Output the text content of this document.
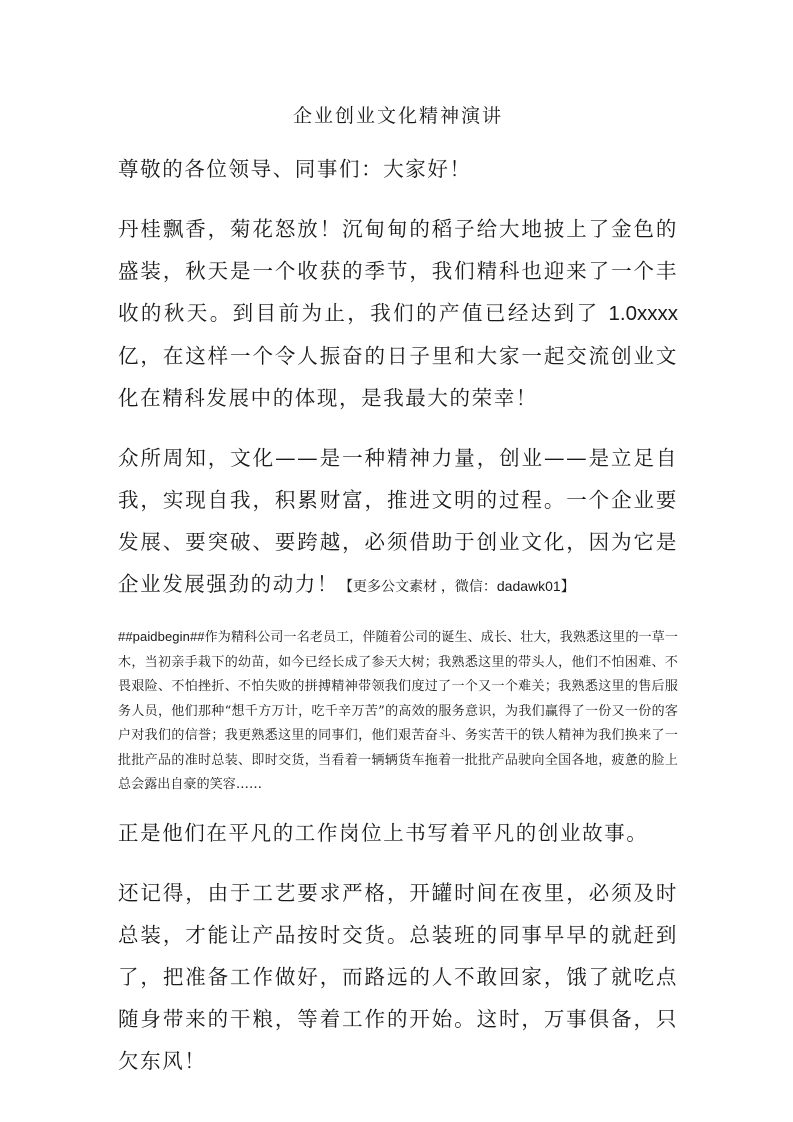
企业创业文化精神演讲
尊敬的各位领导、同事们：大家好！
丹桂飘香，菊花怒放！沉甸甸的稻子给大地披上了金色的盛装，秋天是一个收获的季节，我们精科也迎来了一个丰收的秋天。到目前为止，我们的产值已经达到了 1.0xxxx 亿，在这样一个令人振奋的日子里和大家一起交流创业文化在精科发展中的体现，是我最大的荣幸！
众所周知，文化——是一种精神力量，创业——是立足自我，实现自我，积累财富，推进文明的过程。一个企业要发展、要突破、要跨越，必须借助于创业文化，因为它是企业发展强劲的动力！【更多公文素材 ，微信：dadawk01】
##paidbegin##作为精科公司一名老员工，伴随着公司的诞生、成长、壮大，我熟悉这里的一草一木，当初亲手栽下的幼苗，如今已经长成了参天大树；我熟悉这里的带头人，他们不怕困难、不畏艰险、不怕挫折、不怕失败的拼搏精神带领我们度过了一个又一个难关；我熟悉这里的售后服务人员，他们那种“想千方万计，吃千辛万苦”的高效的服务意识，为我们赢得了一份又一份的客户对我们的信誉；我更熟悉这里的同事们，他们艰苦奋斗、务实苦干的铁人精神为我们换来了一批批产品的准时总装、即时交货，当看着一辆辆货车拖着一批批产品驶向全国各地，疲惫的脸上总会露出自豪的笑容……
正是他们在平凡的工作岗位上书写着平凡的创业故事。
还记得，由于工艺要求严格，开罐时间在夜里，必须及时总装，才能让产品按时交货。总装班的同事早早的就赶到了，把准备工作做好，而路远的人不敢回家，饿了就吃点随身带来的干粮，等着工作的开始。这时，万事俱备，只欠东风！
